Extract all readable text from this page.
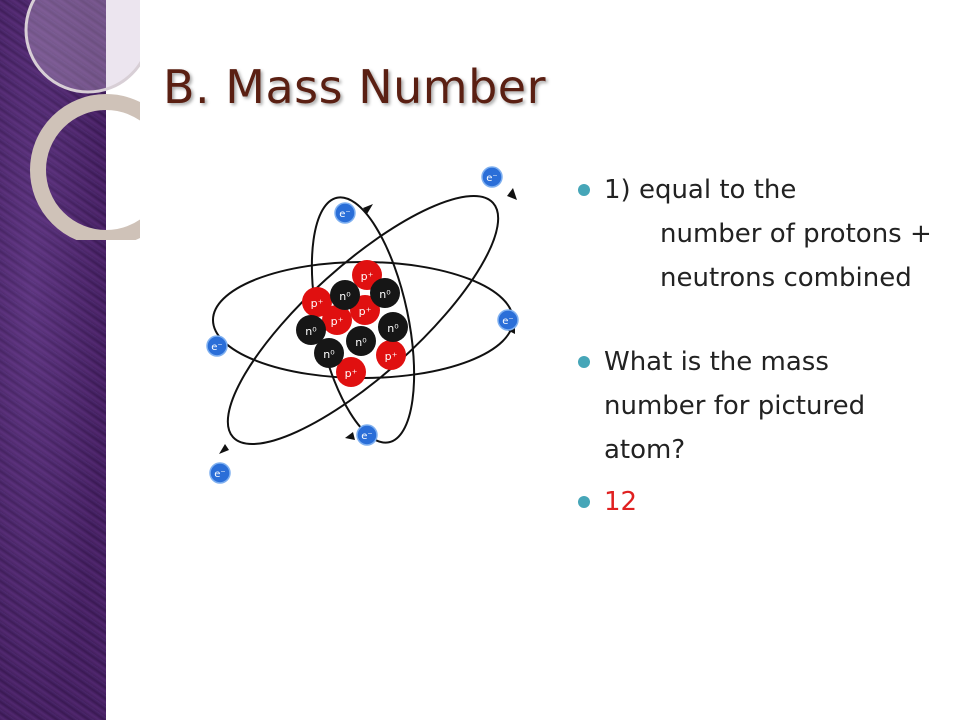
B. Mass Number
p⁺
p⁺
p⁺
p⁺
p⁺
p⁺
n⁰	n⁰
n⁰	n⁰
n⁰
n⁰
e⁻
e⁻
e⁻
e⁻
e⁻
e⁻
1) equal to the
number of protons + neutrons combined
What is the mass number for pictured atom?
12
